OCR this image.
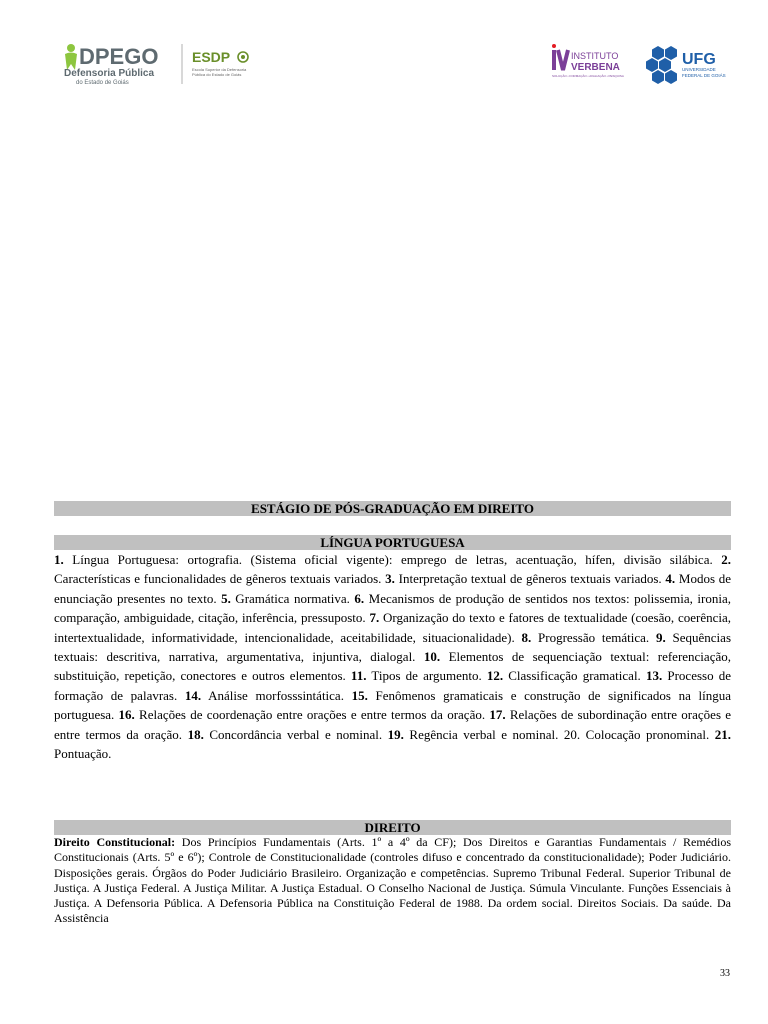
DPEGO
Defensoria Pública
do Estado de Goiás
ESDP
Escola Superior da Defensoria
Pública do Estado de Goiás
INSTITUTO
VERBENA
SOLUÇÃO • FORMAÇÃO • AVALIAÇÃO • PESQUISA
UFG
UNIVERSIDADE
FEDERAL DE GOIÁS
ESTÁGIO DE PÓS-GRADUAÇÃO EM DIREITO
LÍNGUA PORTUGUESA

1. Língua Portuguesa: ortografia. (Sistema oficial vigente): emprego de letras, acentuação, hífen, divisão silábica. 2. Características e funcionalidades de gêneros textuais variados. 3. Interpretação textual de gêneros textuais variados. 4. Modos de enunciação presentes no texto. 5. Gramática normativa. 6. Mecanismos de produção de sentidos nos textos: polissemia, ironia, comparação, ambiguidade, citação, inferência, pressuposto. 7. Organização do texto e fatores de textualidade (coesão, coerência, intertextualidade, informatividade, intencionalidade, aceitabilidade, situacionalidade). 8. Progressão temática. 9. Sequências textuais: descritiva, narrativa, argumentativa, injuntiva, dialogal. 10. Elementos de sequenciação textual: referenciação, substituição, repetição, conectores e outros elementos. 11. Tipos de argumento. 12. Classificação gramatical. 13. Processo de formação de palavras. 14. Análise morfosssintática. 15. Fenômenos gramaticais e construção de significados na língua portuguesa. 16. Relações de coordenação entre orações e entre termos da oração. 17. Relações de subordinação entre orações e entre termos da oração. 18. Concordância verbal e nominal. 19. Regência verbal e nominal. 20. Colocação pronominal. 21. Pontuação.

DIREITO

Direito Constitucional: Dos Princípios Fundamentais (Arts. 1º a 4º da CF); Dos Direitos e Garantias Fundamentais / Remédios Constitucionais (Arts. 5º e 6º); Controle de Constitucionalidade (controles difuso e concentrado da constitucionalidade); Poder Judiciário. Disposições gerais. Órgãos do Poder Judiciário Brasileiro. Organização e competências. Supremo Tribunal Federal. Superior Tribunal de Justiça. A Justiça Federal. A Justiça Militar. A Justiça Estadual. O Conselho Nacional de Justiça. Súmula Vinculante. Funções Essenciais à Justiça. A Defensoria Pública. A Defensoria Pública na Constituição Federal de 1988. Da ordem social. Direitos Sociais. Da saúde. Da Assistência

33
